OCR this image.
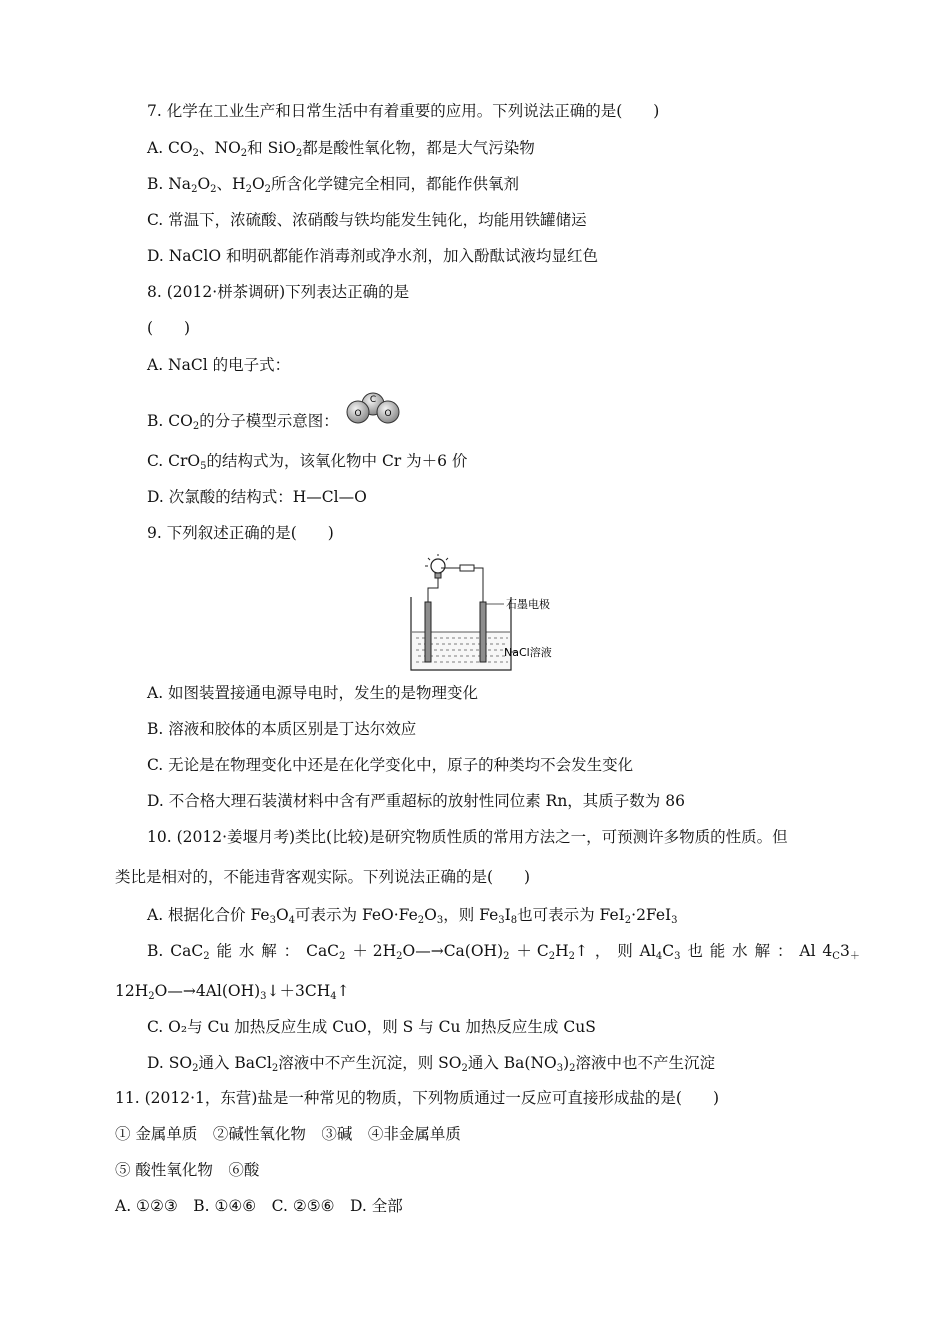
7. 化学在工业生产和日常生活中有着重要的应用。下列说法正确的是(　　)
A. $CO_2$、$NO_2$和 SiO$_2$都是酸性氧化物，都是大气污染物
B. $Na_2O_2$、$H_2O_2$所含化学键完全相同，都能作供氧剂
C. 常温下，浓硫酸、浓硝酸与铁均能发生钝化，均能用铁罐储运
D. NaClO 和明矾都能作消毒剂或净水剂，加入酚酞试液均显红色
8. (2012·栟茶调研)下列表达正确的是
(　　)
A. NaCl 的电子式：
B. $CO_2$的分子模型示意图：
C
O	O
C. CrO$_5$的结构式为，该氧化物中 Cr 为＋6 价
D. 次氯酸的结构式：H—Cl—O
9. 下列叙述正确的是(　　)
石墨电极
NaCl溶液
A. 如图装置接通电源导电时，发生的是物理变化
B. 溶液和胶体的本质区别是丁达尔效应
C. 无论是在物理变化中还是在化学变化中，原子的种类均不会发生变化
D. 不合格大理石装潢材料中含有严重超标的放射性同位素 Rn，其质子数为 86
10. (2012·姜堰月考)类比(比较)是研究物质性质的常用方法之一，可预测许多物质的性质。但
类比是相对的，不能违背客观实际。下列说法正确的是(　　)
A. 根据化合价 $Fe_3O_4$可表示为 $FeO\cdot Fe_2O_3$，则 $Fe_3I_8$也可表示为 FeI$_2$·2FeI$_3$
B. CaC$_2$ 能 水 解 ： $CaC_2 + 2H_2O—\to Ca(OH)_2$ ＋ $C_2H_2↑$ ， 则 $Al_4C_3$ 也 能 水 解 ： Al $4_C3_+$
$12H_2O—\to 4Al(OH)_3↓+3CH_4↑$
C. O₂与 Cu 加热反应生成 CuO，则 S 与 Cu 加热反应生成 CuS
D. $SO_2$通入 BaCl$_2$溶液中不产生沉淀，则 $SO_2$通入 $Ba(NO_3)_2$溶液中也不产生沉淀
11. (2012·1，东营)盐是一种常见的物质，下列物质通过一反应可直接形成盐的是(　　)
① 金属单质　②碱性氧化物　③碱　④非金属单质
⑤ 酸性氧化物　⑥酸
A. ①②③　B. ①④⑥　C. ②⑤⑥　D. 全部
